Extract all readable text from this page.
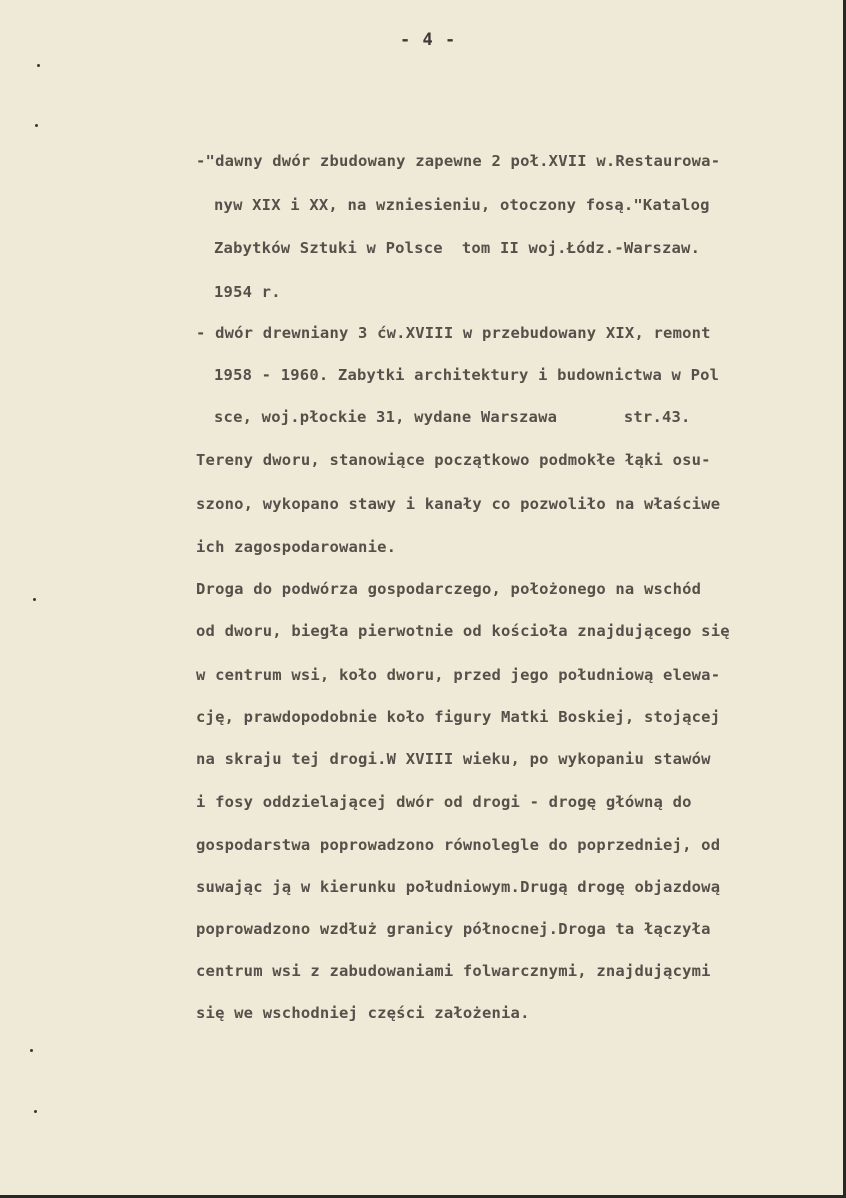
- 4 -
-"dawny dwór zbudowany zapewne 2 poł.XVII w.Restaurowa-
nyw XIX i XX, na wzniesieniu, otoczony fosą."Katalog
Zabytków Sztuki w Polsce  tom II woj.Łódz.-Warszaw.
1954 r.
- dwór drewniany 3 ćw.XVIII w przebudowany XIX, remont
1958 - 1960. Zabytki architektury i budownictwa w Pol
sce, woj.płockie 31, wydane Warszawa       str.43.
Tereny dworu, stanowiące początkowo podmokłe łąki osu-
szono, wykopano stawy i kanały co pozwoliło na właściwe
ich zagospodarowanie.
Droga do podwórza gospodarczego, położonego na wschód
od dworu, biegła pierwotnie od kościoła znajdującego się
w centrum wsi, koło dworu, przed jego południową elewa-
cję, prawdopodobnie koło figury Matki Boskiej, stojącej
na skraju tej drogi.W XVIII wieku, po wykopaniu stawów
i fosy oddzielającej dwór od drogi - drogę główną do
gospodarstwa poprowadzono równolegle do poprzedniej, od
suwając ją w kierunku południowym.Drugą drogę objazdową
poprowadzono wzdłuż granicy północnej.Droga ta łączyła
centrum wsi z zabudowaniami folwarcznymi, znajdującymi
się we wschodniej części założenia.
